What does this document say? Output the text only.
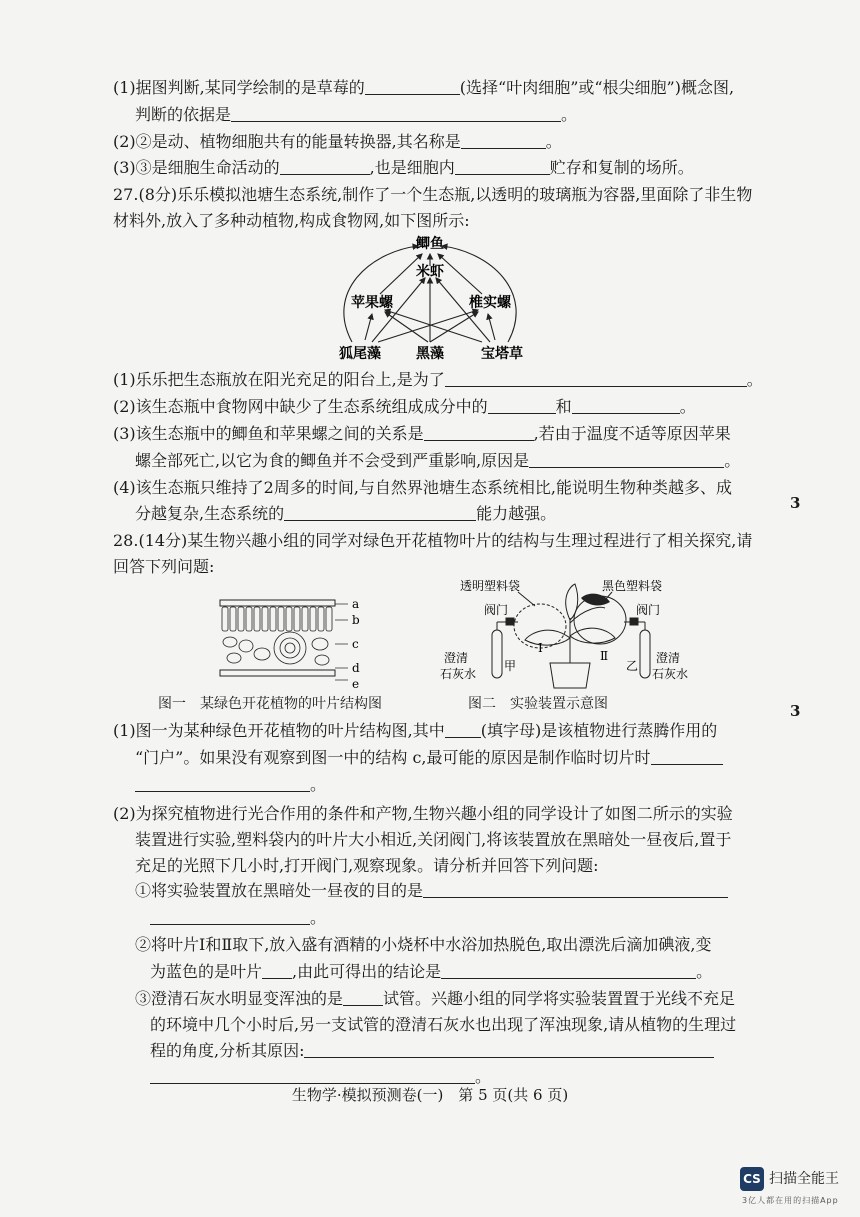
(1)据图判断,某同学绘制的是草莓的	(选择“叶肉细胞”或“根尖细胞”)概念图,
判断的依据是	。
(2)②是动、植物细胞共有的能量转换器,其名称是	。
(3)③是细胞生命活动的	,也是细胞内	贮存和复制的场所。
27.(8分)乐乐模拟池塘生态系统,制作了一个生态瓶,以透明的玻璃瓶为容器,里面除了非生物
材料外,放入了多种动植物,构成食物网,如下图所示:
鲫鱼
米虾
苹果螺	椎实螺
狐尾藻	黑藻	宝塔草
(1)乐乐把生态瓶放在阳光充足的阳台上,是为了	。
(2)该生态瓶中食物网中缺少了生态系统组成成分中的	和	。
(3)该生态瓶中的鲫鱼和苹果螺之间的关系是	,若由于温度不适等原因苹果
螺全部死亡,以它为食的鲫鱼并不会受到严重影响,原因是	。
(4)该生态瓶只维持了2周多的时间,与自然界池塘生态系统相比,能说明生物种类越多、成
分越复杂,生态系统的	能力越强。
3
28.(14分)某生物兴趣小组的同学对绿色开花植物叶片的结构与生理过程进行了相关探究,请
回答下列问题:
a
b
c
d
e
图一　某绿色开花植物的叶片结构图
透明塑料袋	黑色塑料袋
阀门	阀门
Ⅰ
Ⅱ
澄清
石灰水
甲	乙
澄清
石灰水
图二　实验装置示意图	3
(1)图一为某种绿色开花植物的叶片结构图,其中 (填字母)是该植物进行蒸腾作用的
“门户”。如果没有观察到图一中的结构 c,最可能的原因是制作临时切片时
。
(2)为探究植物进行光合作用的条件和产物,生物兴趣小组的同学设计了如图二所示的实验
装置进行实验,塑料袋内的叶片大小相近,关闭阀门,将该装置放在黑暗处一昼夜后,置于
充足的光照下几小时,打开阀门,观察现象。请分析并回答下列问题:
①将实验装置放在黑暗处一昼夜的目的是
。
②将叶片Ⅰ和Ⅱ取下,放入盛有酒精的小烧杯中水浴加热脱色,取出漂洗后滴加碘液,变
为蓝色的是叶片 ,由此可得出的结论是	。
③澄清石灰水明显变浑浊的是	试管。兴趣小组的同学将实验装置置于光线不充足
的环境中几个小时后,另一支试管的澄清石灰水也出现了浑浊现象,请从植物的生理过
程的角度,分析其原因:
。
生物学·模拟预测卷(一)　第 5 页(共 6 页)
CS 扫描全能王
3亿人都在用的扫描App
